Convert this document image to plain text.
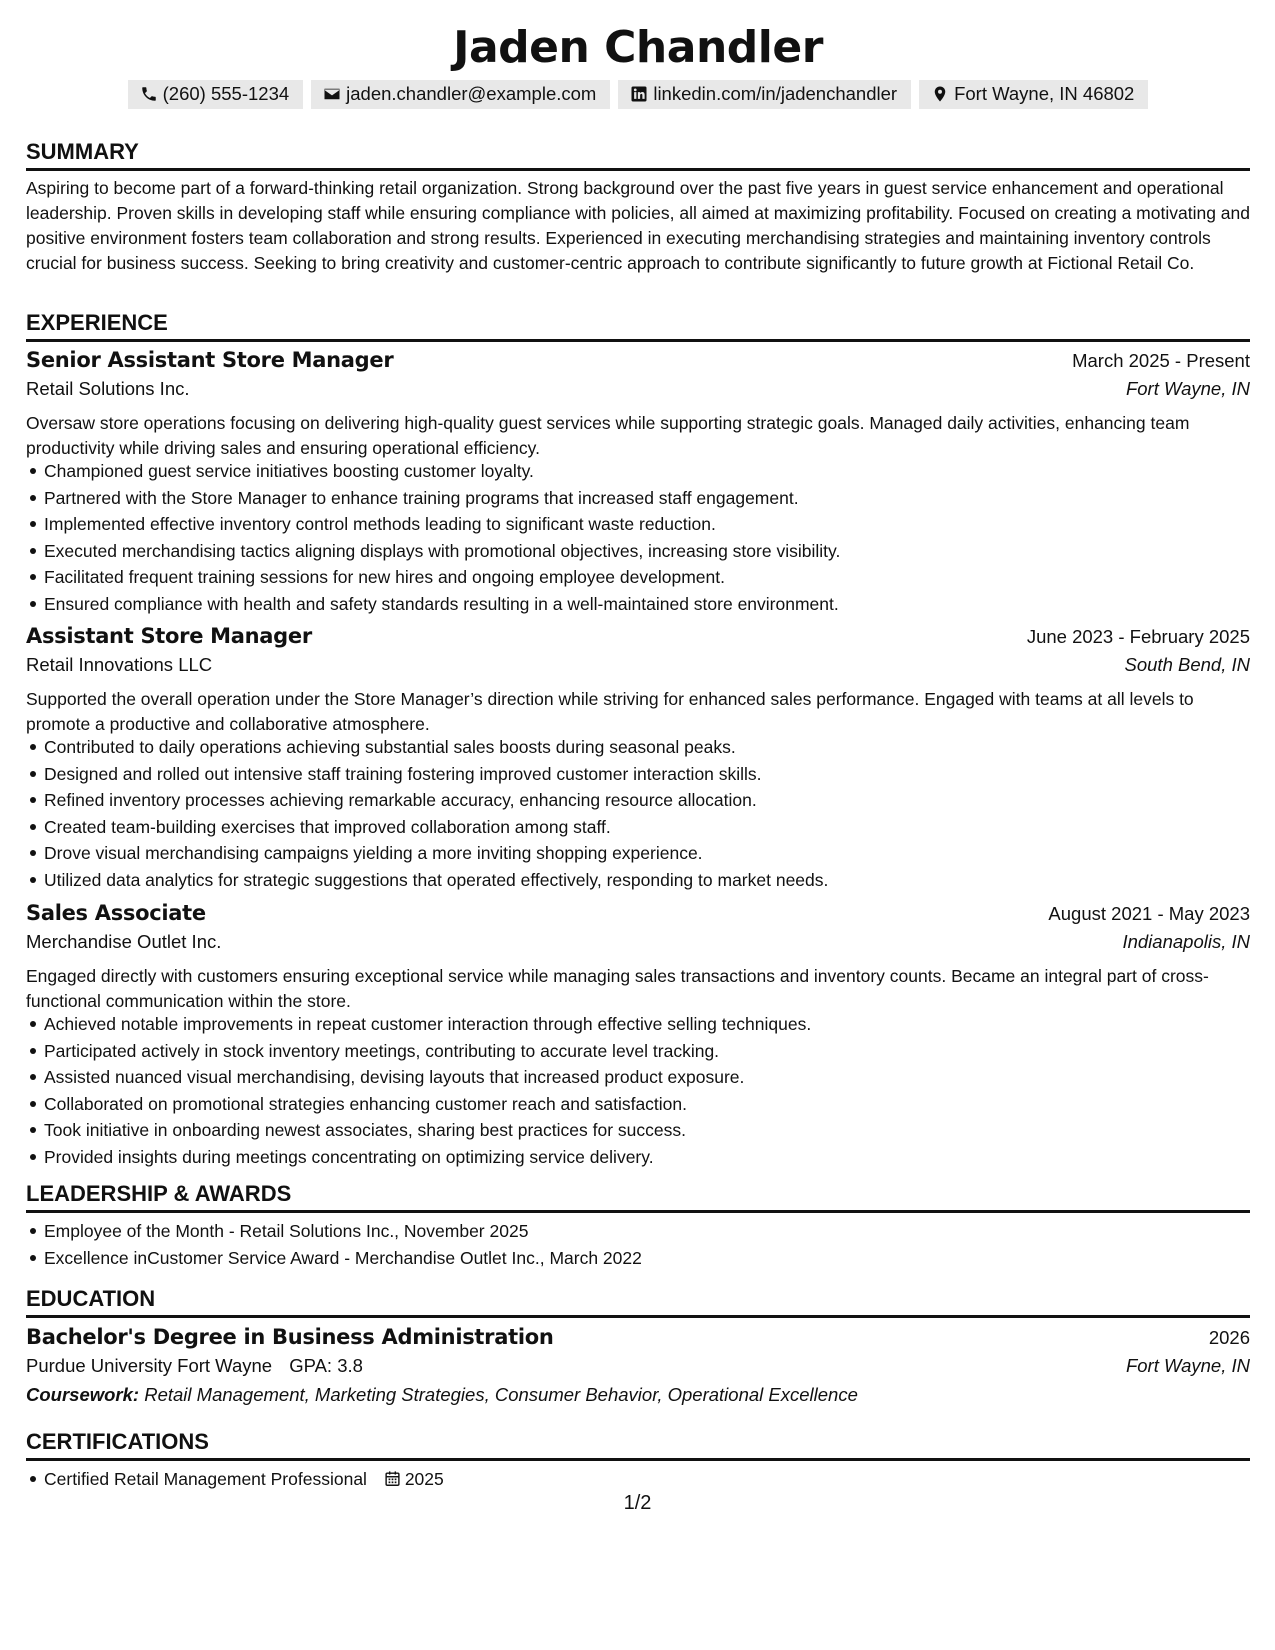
Jaden Chandler
(260) 555-1234	jaden.chandler@example.com	linkedin.com/in/jadenchandler	Fort Wayne, IN 46802
SUMMARY

Aspiring to become part of a forward-thinking retail organization. Strong background over the past five years in guest service enhancement and operational leadership. Proven skills in developing staff while ensuring compliance with policies, all aimed at maximizing profitability. Focused on creating a motivating and positive environment fosters team collaboration and strong results. Experienced in executing merchandising strategies and maintaining inventory controls crucial for business success. Seeking to bring creativity and customer-centric approach to contribute significantly to future growth at Fictional Retail Co.

EXPERIENCE
Senior Assistant Store Manager	March 2025 - Present
Retail Solutions Inc.	Fort Wayne, IN

Oversaw store operations focusing on delivering high-quality guest services while supporting strategic goals. Managed daily activities, enhancing team productivity while driving sales and ensuring operational efficiency.

Championed guest service initiatives boosting customer loyalty.
Partnered with the Store Manager to enhance training programs that increased staff engagement.
Implemented effective inventory control methods leading to significant waste reduction.
Executed merchandising tactics aligning displays with promotional objectives, increasing store visibility.
Facilitated frequent training sessions for new hires and ongoing employee development.
Ensured compliance with health and safety standards resulting in a well-maintained store environment.
Assistant Store Manager	June 2023 - February 2025
Retail Innovations LLC	South Bend, IN

Supported the overall operation under the Store Manager’s direction while striving for enhanced sales performance. Engaged with teams at all levels to promote a productive and collaborative atmosphere.

Contributed to daily operations achieving substantial sales boosts during seasonal peaks.
Designed and rolled out intensive staff training fostering improved customer interaction skills.
Refined inventory processes achieving remarkable accuracy, enhancing resource allocation.
Created team-building exercises that improved collaboration among staff.
Drove visual merchandising campaigns yielding a more inviting shopping experience.
Utilized data analytics for strategic suggestions that operated effectively, responding to market needs.
Sales Associate	August 2021 - May 2023
Merchandise Outlet Inc.	Indianapolis, IN

Engaged directly with customers ensuring exceptional service while managing sales transactions and inventory counts. Became an integral part of cross-functional communication within the store.

Achieved notable improvements in repeat customer interaction through effective selling techniques.
Participated actively in stock inventory meetings, contributing to accurate level tracking.
Assisted nuanced visual merchandising, devising layouts that increased product exposure.
Collaborated on promotional strategies enhancing customer reach and satisfaction.
Took initiative in onboarding newest associates, sharing best practices for success.
Provided insights during meetings concentrating on optimizing service delivery.
LEADERSHIP & AWARDS
Employee of the Month - Retail Solutions Inc., November 2025
Excellence inCustomer Service Award - Merchandise Outlet Inc., March 2022
EDUCATION
Bachelor's Degree in Business Administration	2026
Purdue University Fort Wayne GPA: 3.8	Fort Wayne, IN
Coursework: Retail Management, Marketing Strategies, Consumer Behavior, Operational Excellence
CERTIFICATIONS
Certified Retail Management Professional 2025
1/2
